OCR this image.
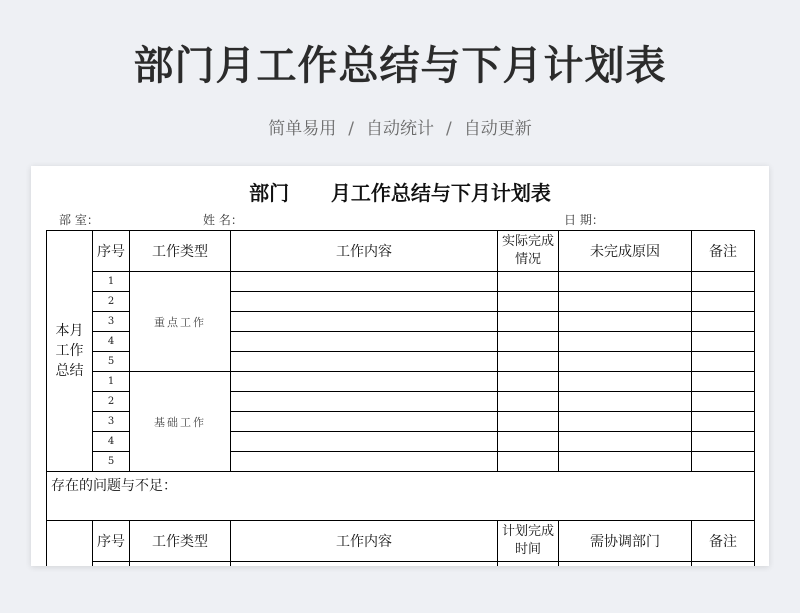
部门月工作总结与下月计划表
简单易用 / 自动统计 / 自动更新
部门      月工作总结与下月计划表
部 室：	姓 名：	日 期：
本月工作总结	序号	工作类型	工作内容	实际完成情况	未完成原因	备注
	1	重点工作				
	2					
	3					
	4					
	5					
	1	基础工作				
	2					
	3					
	4					
	5					
存在的问题与不足：						
	序号	工作类型	工作内容	计划完成时间	需协调部门	备注
